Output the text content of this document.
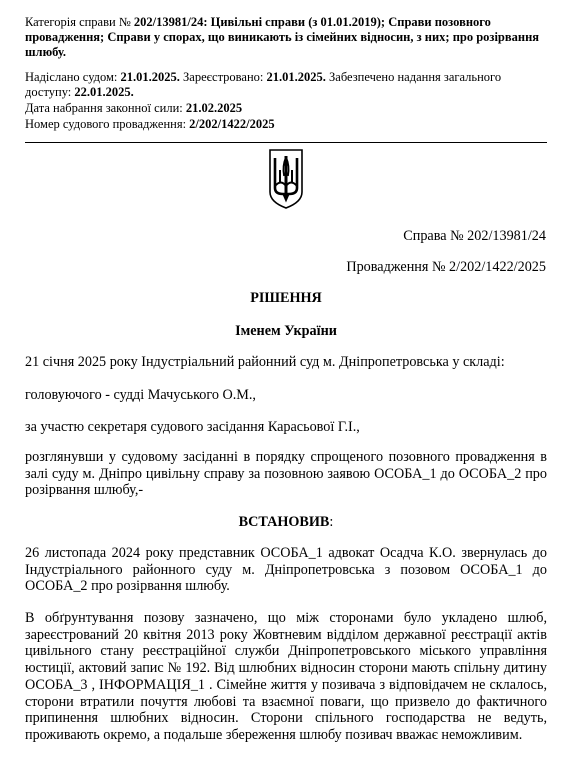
Категорія справи № 202/13981/24: Цивільні справи (з 01.01.2019); Справи позовного провадження; Справи у спорах, що виникають із сімейних відносин, з них; про розірвання шлюбу.
Надіслано судом: 21.01.2025. Зареєстровано: 21.01.2025. Забезпечено надання загального доступу: 22.01.2025.
Дата набрання законної сили: 21.02.2025
Номер судового провадження: 2/202/1422/2025
Справа № 202/13981/24
Провадження № 2/202/1422/2025
РІШЕННЯ
Іменем України
21 січня 2025 року Індустріальний районний суд м. Дніпропетровська у складі:
головуючого - судді Мачуського О.М.,
за участю секретаря судового засідання Карасьової Г.І.,
розглянувши у судовому засіданні в порядку спрощеного позовного провадження в залі суду м. Дніпро цивільну справу за позовною заявою ОСОБА_1 до ОСОБА_2 про розірвання шлюбу,-
ВСТАНОВИВ:
26 листопада 2024 року представник ОСОБА_1 адвокат Осадча К.О. звернулась до Індустріального районного суду м. Дніпропетровська з позовом ОСОБА_1 до ОСОБА_2 про розірвання шлюбу.
В обґрунтування позову зазначено, що між сторонами було укладено шлюб, зареєстрований 20 квітня 2013 року Жовтневим відділом державної реєстрації актів цивільного стану реєстраційної служби Дніпропетровського міського управління юстиції, актовий запис № 192. Від шлюбних відносин сторони мають спільну дитину ОСОБА_3 , ІНФОРМАЦІЯ_1 . Сімейне життя у позивача з відповідачем не склалось, сторони втратили почуття любові та взаємної поваги, що призвело до фактичного припинення шлюбних відносин. Сторони спільного господарства не ведуть, проживають окремо, а подальше збереження шлюбу позивач вважає неможливим.
